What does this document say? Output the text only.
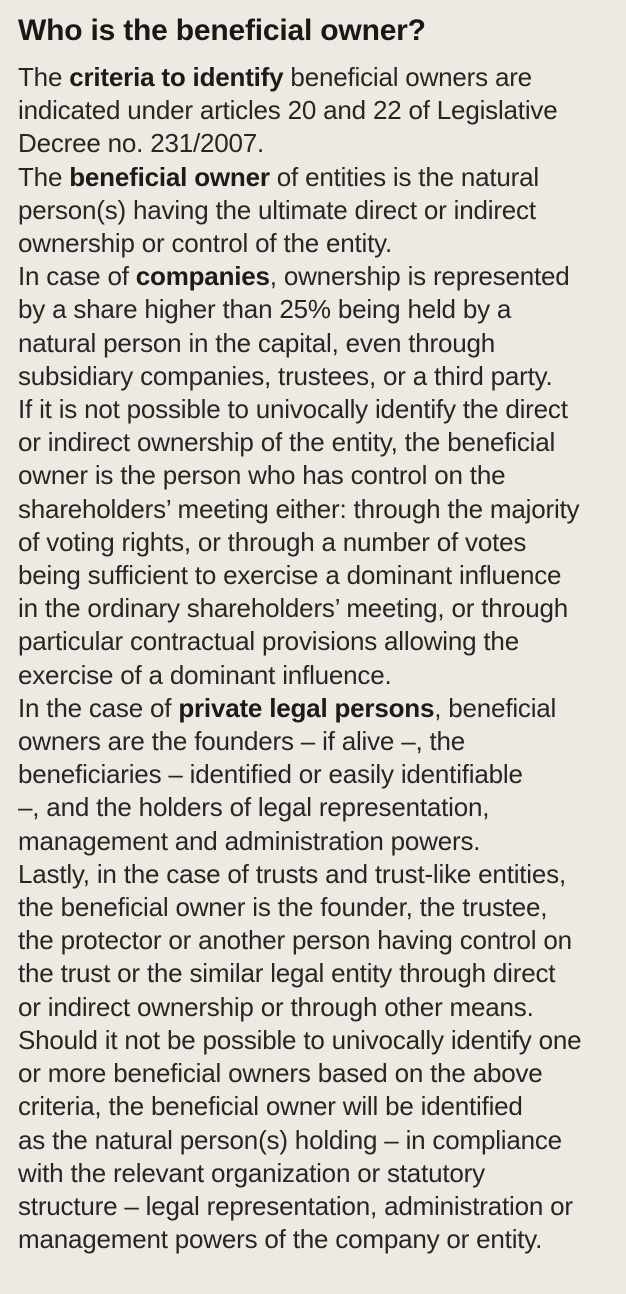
Who is the beneficial owner?
The criteria to identify beneficial owners are
indicated under articles 20 and 22 of Legislative
Decree no. 231/2007.
The beneficial owner of entities is the natural
person(s) having the ultimate direct or indirect
ownership or control of the entity.
In case of companies, ownership is represented
by a share higher than 25% being held by a
natural person in the capital, even through
subsidiary companies, trustees, or a third party.
If it is not possible to univocally identify the direct
or indirect ownership of the entity, the beneficial
owner is the person who has control on the
shareholders’ meeting either: through the majority
of voting rights, or through a number of votes
being sufficient to exercise a dominant influence
in the ordinary shareholders’ meeting, or through
particular contractual provisions allowing the
exercise of a dominant influence.
In the case of private legal persons, beneficial
owners are the founders – if alive –, the
beneficiaries – identified or easily identifiable
–, and the holders of legal representation,
management and administration powers.
Lastly, in the case of trusts and trust-like entities,
the beneficial owner is the founder, the trustee,
the protector or another person having control on
the trust or the similar legal entity through direct
or indirect ownership or through other means.
Should it not be possible to univocally identify one
or more beneficial owners based on the above
criteria, the beneficial owner will be identified
as the natural person(s) holding – in compliance
with the relevant organization or statutory
structure – legal representation, administration or
management powers of the company or entity.
